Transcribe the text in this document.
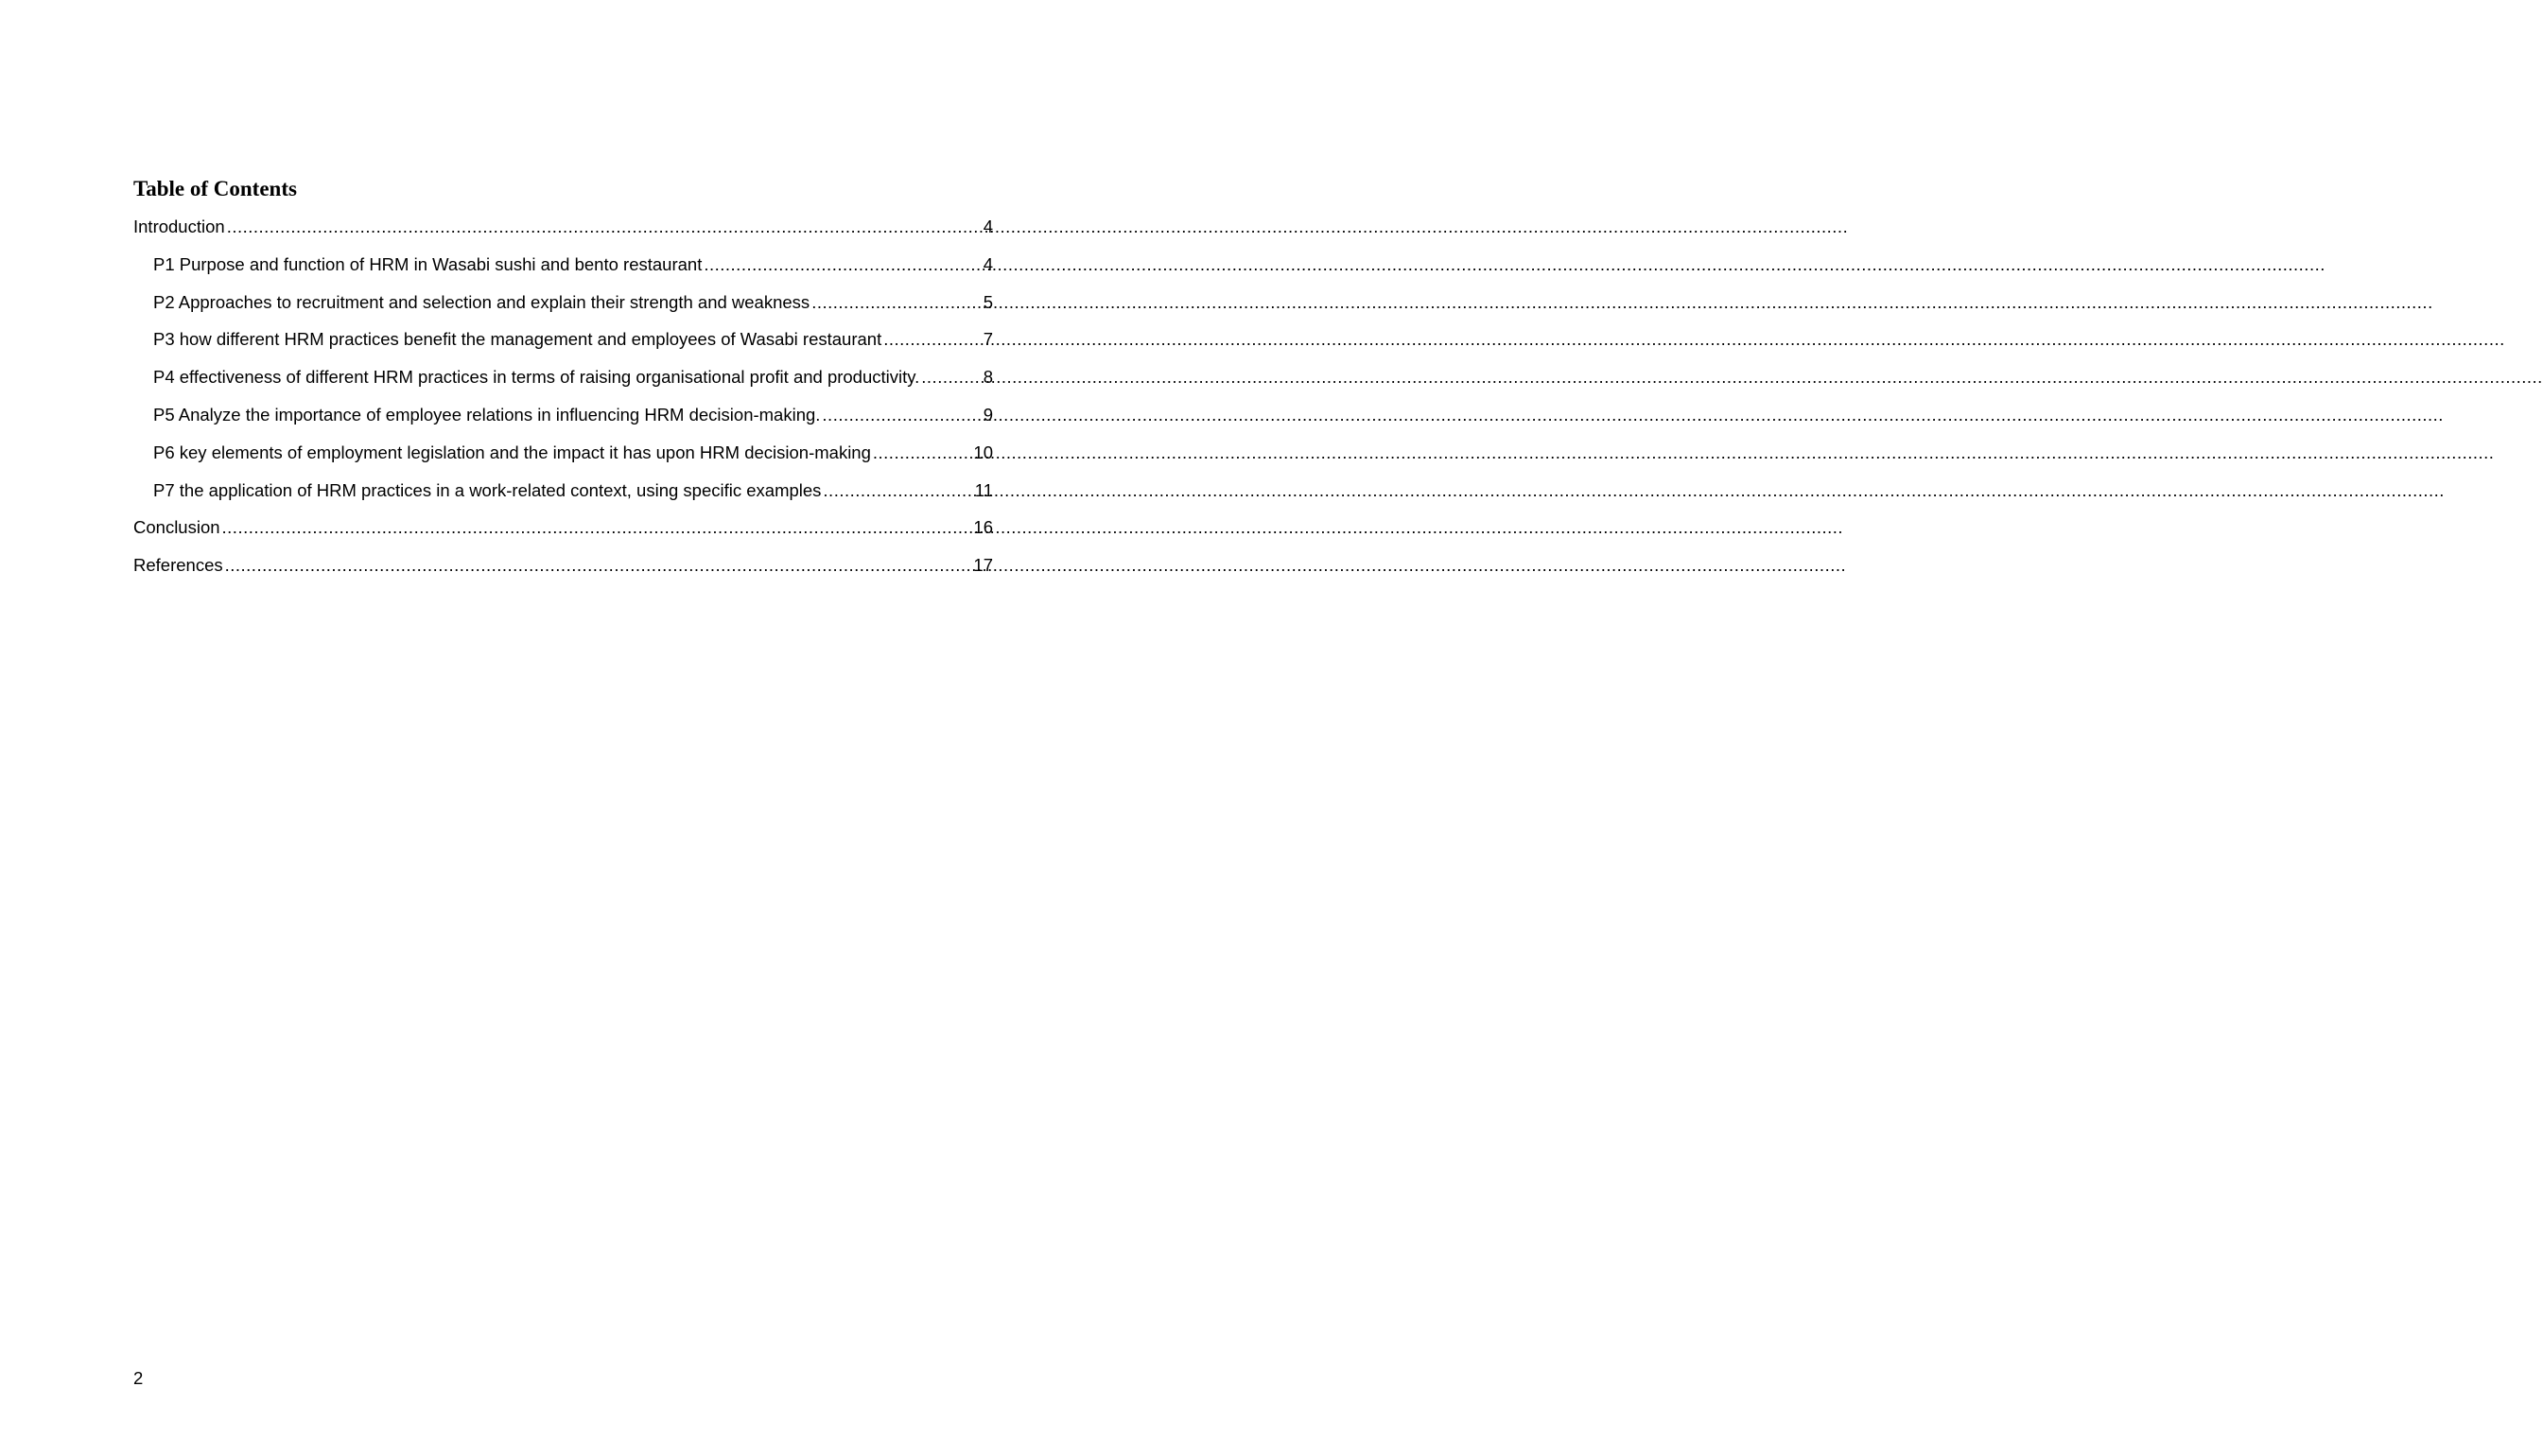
Table of Contents
Introduction .....	4
P1 Purpose and function of HRM in Wasabi sushi and bento restaurant .....	4
P2 Approaches to recruitment and selection and explain their strength and weakness .....	5
P3 how different HRM practices benefit the management and employees of Wasabi restaurant .....	7
P4 effectiveness of different HRM practices in terms of raising organisational profit and productivity. .....	8
P5 Analyze the importance of employee relations in influencing HRM decision-making. .....	9
P6 key elements of employment legislation and the impact it has upon HRM decision-making .....	10
P7 the application of HRM practices in a work-related context, using specific examples .....	11
Conclusion .....	16
References .....	17

2
